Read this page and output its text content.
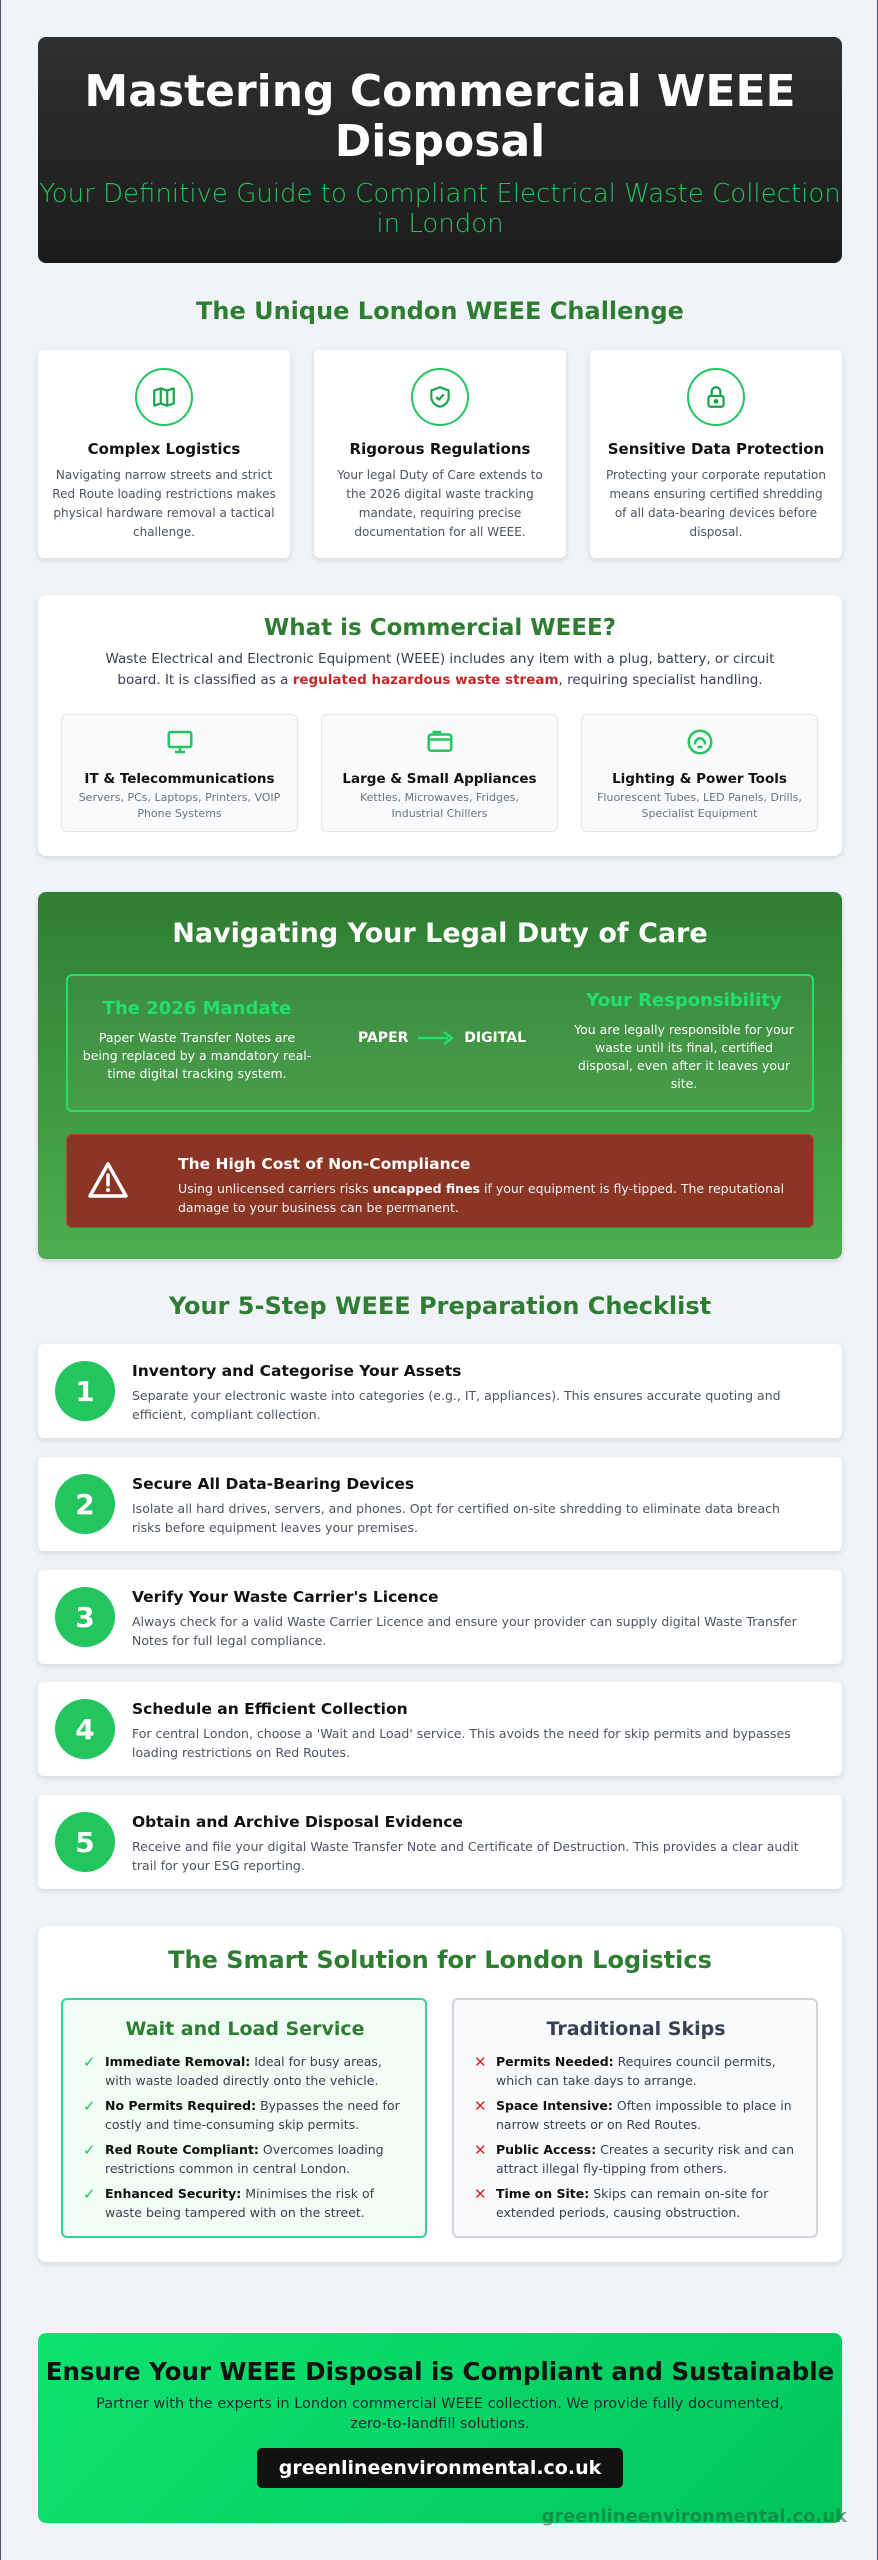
Mastering Commercial WEEE Disposal

Your Definitive Guide to Compliant Electrical Waste Collection in London

The Unique London WEEE Challenge
Complex Logistics

Navigating narrow streets and strict Red Route loading restrictions makes physical hardware removal a tactical challenge.

Rigorous Regulations

Your legal Duty of Care extends to the 2026 digital waste tracking mandate, requiring precise documentation for all WEEE.

Sensitive Data Protection

Protecting your corporate reputation means ensuring certified shredding of all data-bearing devices before disposal.

What is Commercial WEEE?

Waste Electrical and Electronic Equipment (WEEE) includes any item with a plug, battery, or circuit board. It is classified as a regulated hazardous waste stream, requiring specialist handling.

IT & Telecommunications

Servers, PCs, Laptops, Printers, VOIP Phone Systems

Large & Small Appliances

Kettles, Microwaves, Fridges, Industrial Chillers

Lighting & Power Tools

Fluorescent Tubes, LED Panels, Drills, Specialist Equipment

Navigating Your Legal Duty of Care
The 2026 Mandate

Paper Waste Transfer Notes are being replaced by a mandatory real-time digital tracking system.

PAPER	DIGITAL
Your Responsibility

You are legally responsible for your waste until its final, certified disposal, even after it leaves your site.

The High Cost of Non-Compliance

Using unlicensed carriers risks uncapped fines if your equipment is fly-tipped. The reputational damage to your business can be permanent.

Your 5-Step WEEE Preparation Checklist
1
Inventory and Categorise Your Assets

Separate your electronic waste into categories (e.g., IT, appliances). This ensures accurate quoting and efficient, compliant collection.

2
Secure All Data-Bearing Devices

Isolate all hard drives, servers, and phones. Opt for certified on-site shredding to eliminate data breach risks before equipment leaves your premises.

3
Verify Your Waste Carrier's Licence

Always check for a valid Waste Carrier Licence and ensure your provider can supply digital Waste Transfer Notes for full legal compliance.

4
Schedule an Efficient Collection

For central London, choose a 'Wait and Load' service. This avoids the need for skip permits and bypasses loading restrictions on Red Routes.

5
Obtain and Archive Disposal Evidence

Receive and file your digital Waste Transfer Note and Certificate of Destruction. This provides a clear audit trail for your ESG reporting.

The Smart Solution for London Logistics
Wait and Load Service
✓ Immediate Removal: Ideal for busy areas, with waste loaded directly onto the vehicle.
✓ No Permits Required: Bypasses the need for costly and time-consuming skip permits.
✓ Red Route Compliant: Overcomes loading restrictions common in central London.
✓ Enhanced Security: Minimises the risk of waste being tampered with on the street.
Traditional Skips
✕ Permits Needed: Requires council permits, which can take days to arrange.
✕ Space Intensive: Often impossible to place in narrow streets or on Red Routes.
✕ Public Access: Creates a security risk and can attract illegal fly-tipping from others.
✕ Time on Site: Skips can remain on-site for extended periods, causing obstruction.
Ensure Your WEEE Disposal is Compliant and Sustainable

Partner with the experts in London commercial WEEE collection. We provide fully documented, zero-to-landfill solutions.

greenlineenvironmental.co.uk
greenlineenvironmental.co.uk
